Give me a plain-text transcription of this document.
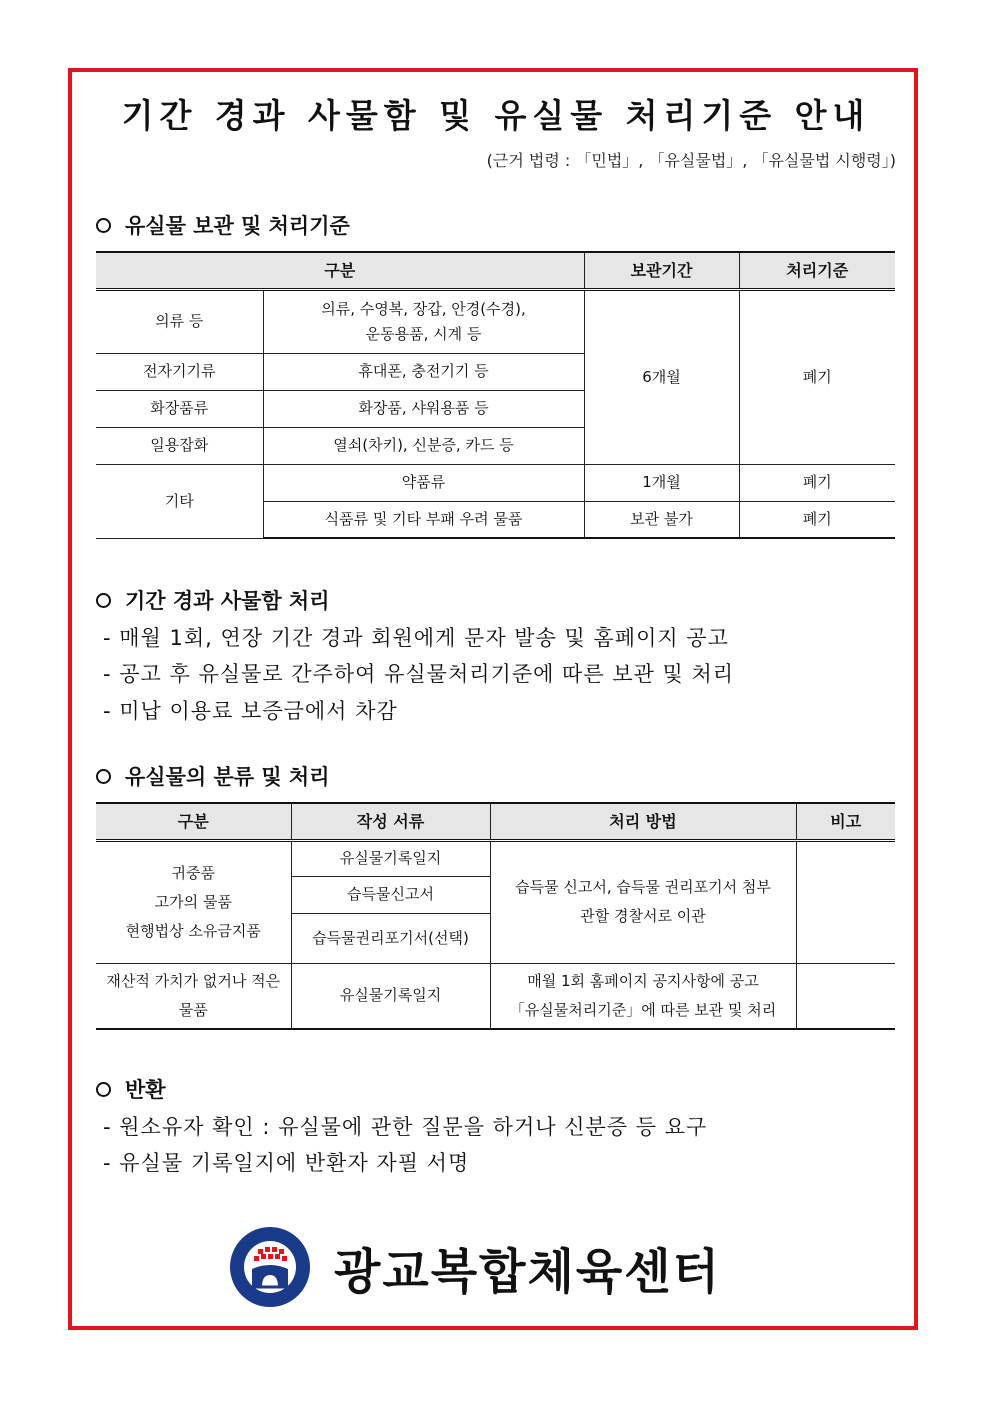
기간 경과 사물함 및 유실물 처리기준 안내
(근거 법령 : 「민법」, 「유실물법」, 「유실물법 시행령」)
유실물 보관 및 처리기준
구분		보관기간	처리기준
의류 등	의류, 수영복, 장갑, 안경(수경),
운동용품, 시계 등	6개월	폐기
전자기기류	휴대폰, 충전기기 등		
화장품류	화장품, 샤워용품 등		
일용잡화	열쇠(차키), 신분증, 카드 등		
기타	약품류	1개월	폐기
	식품류 및 기타 부패 우려 물품	보관 불가	폐기
기간 경과 사물함 처리
- 매월 1회, 연장 기간 경과 회원에게 문자 발송 및 홈페이지 공고
- 공고 후 유실물로 간주하여 유실물처리기준에 따른 보관 및 처리
- 미납 이용료 보증금에서 차감
유실물의 분류 및 처리
구분	작성 서류	처리 방법	비고

귀중품
고가의 물품
현행법상 소유금지품	유실물기록일지	습득물 신고서, 습득물 권리포기서 첨부
관할 경찰서로 이관	

	습득물신고서		
	습득물권리포기서(선택)		

재산적 가치가 없거나 적은
물품	유실물기록일지	매월 1회 홈페이지 공지사항에 공고
「유실물처리기준」에 따른 보관 및 처리	

반환
- 원소유자 확인 : 유실물에 관한 질문을 하거나 신분증 등 요구
- 유실물 기록일지에 반환자 자필 서명
광교복합체육센터
